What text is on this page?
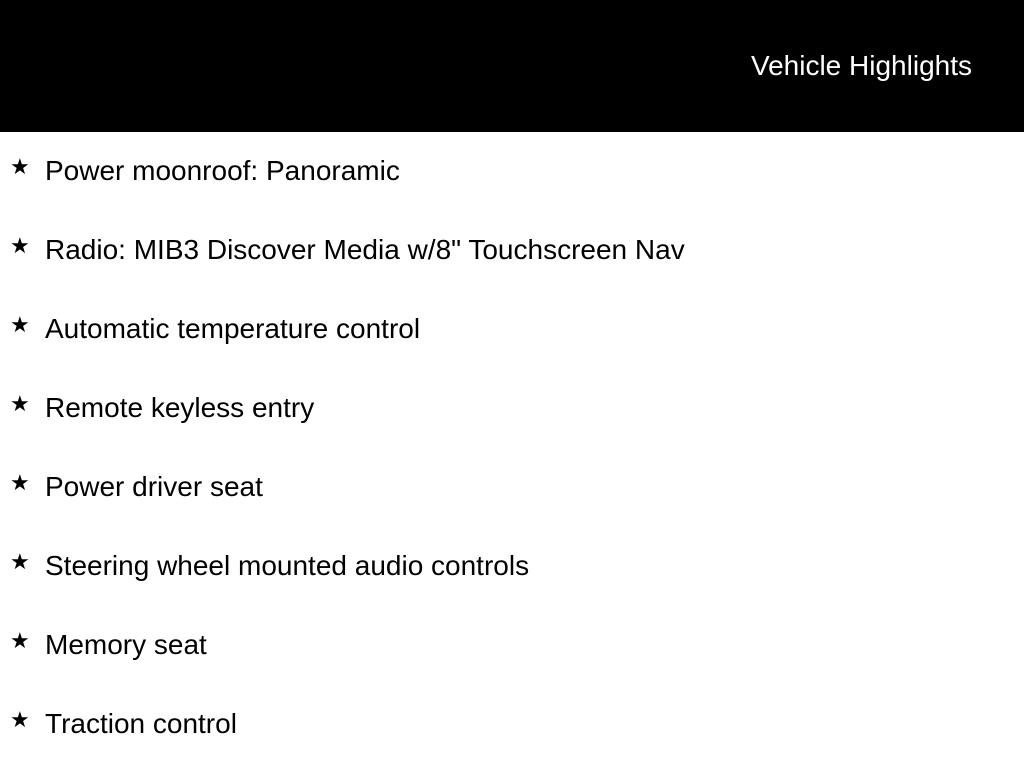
Vehicle Highlights
★ Power moonroof: Panoramic
★ Radio: MIB3 Discover Media w/8" Touchscreen Nav
★ Automatic temperature control
★ Remote keyless entry
★ Power driver seat
★ Steering wheel mounted audio controls
★ Memory seat
★ Traction control
